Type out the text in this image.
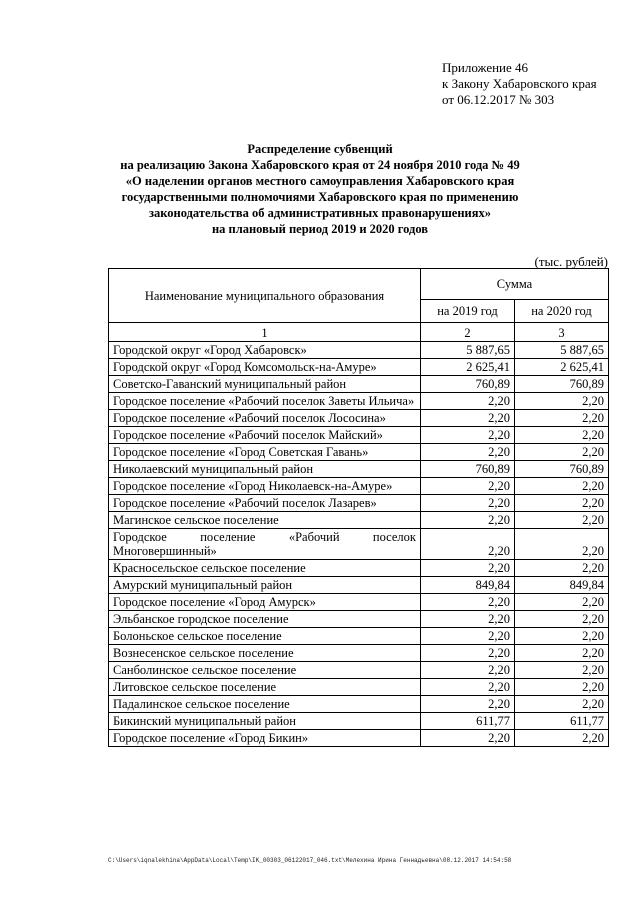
Приложение 46
к Закону Хабаровского края
от 06.12.2017 № 303
Распределение субвенций
на реализацию Закона Хабаровского края от 24 ноября 2010 года № 49
«О наделении органов местного самоуправления Хабаровского края
государственными полномочиями Хабаровского края по применению
законодательства об административных правонарушениях»
на плановый период 2019 и 2020 годов
(тыс. рублей)
Наименование муниципального образования	Сумма	
	на 2019 год	на 2020 год
1	2	3
Городской округ «Город Хабаровск»	5 887,65	5 887,65
Городской округ «Город Комсомольск-на-Амуре»	2 625,41	2 625,41
Советско-Гаванский муниципальный район	760,89	760,89
Городское поселение «Рабочий поселок Заветы Ильича»	2,20	2,20
Городское поселение «Рабочий поселок Лососина»	2,20	2,20
Городское поселение «Рабочий поселок Майский»	2,20	2,20
Городское поселение «Город Советская Гавань»	2,20	2,20
Николаевский муниципальный район	760,89	760,89
Городское поселение «Город Николаевск-на-Амуре»	2,20	2,20
Городское поселение «Рабочий поселок Лазарев»	2,20	2,20
Магинское сельское поселение	2,20	2,20
Городское поселение «Рабочий поселок Многовершинный»	2,20	2,20
Красносельское сельское поселение	2,20	2,20
Амурский муниципальный район	849,84	849,84
Городское поселение «Город Амурск»	2,20	2,20
Эльбанское городское поселение	2,20	2,20
Болоньское сельское поселение	2,20	2,20
Вознесенское сельское поселение	2,20	2,20
Санболинское сельское поселение	2,20	2,20
Литовское сельское поселение	2,20	2,20
Падалинское сельское поселение	2,20	2,20
Бикинский муниципальный район	611,77	611,77
Городское поселение «Город Бикин»	2,20	2,20
C:\Users\iqnalekhina\AppData\Local\Temp\IK_00303_06122017_046.txt\Мелехина Ирина Геннадьевна\08.12.2017 14:54:58
